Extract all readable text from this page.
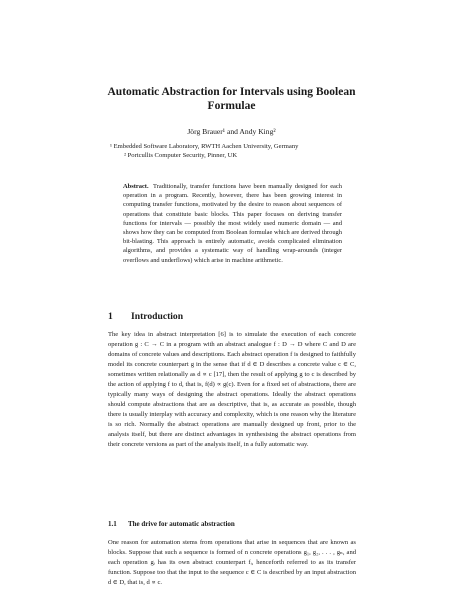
Automatic Abstraction for Intervals using Boolean Formulae
Jörg Brauer¹ and Andy King²
¹ Embedded Software Laboratory, RWTH Aachen University, Germany
² Portcullis Computer Security, Pinner, UK
Abstract. Traditionally, transfer functions have been manually designed for each operation in a program. Recently, however, there has been growing interest in computing transfer functions, motivated by the desire to reason about sequences of operations that constitute basic blocks. This paper focuses on deriving transfer functions for intervals — possibly the most widely used numeric domain — and shows how they can be computed from Boolean formulae which are derived through bit-blasting. This approach is entirely automatic, avoids complicated elimination algorithms, and provides a systematic way of handling wrap-arounds (integer overflows and underflows) which arise in machine arithmetic.
1 Introduction

The key idea in abstract interpretation [6] is to simulate the execution of each concrete operation g : C → C in a program with an abstract analogue f : D → D where C and D are domains of concrete values and descriptions. Each abstract operation f is designed to faithfully model its concrete counterpart g in the sense that if d ∈ D describes a concrete value c ∈ C, sometimes written relationally as d ∝ c [17], then the result of applying g to c is described by the action of applying f to d, that is, f(d) ∝ g(c). Even for a fixed set of abstractions, there are typically many ways of designing the abstract operations. Ideally the abstract operations should compute abstractions that are as descriptive, that is, as accurate as possible, though there is usually interplay with accuracy and complexity, which is one reason why the literature is so rich. Normally the abstract operations are manually designed up front, prior to the analysis itself, but there are distinct advantages in synthesising the abstract operations from their concrete versions as part of the analysis itself, in a fully automatic way.

1.1 The drive for automatic abstraction

One reason for automation stems from operations that arise in sequences that are known as blocks. Suppose that such a sequence is formed of n concrete operations g₁, g₂, . . . , gₙ, and each operation gᵢ has its own abstract counterpart fᵢ, henceforth referred to as its transfer function. Suppose too that the input to the sequence c ∈ C is described by an input abstraction d ∈ D, that is, d ∝ c.
